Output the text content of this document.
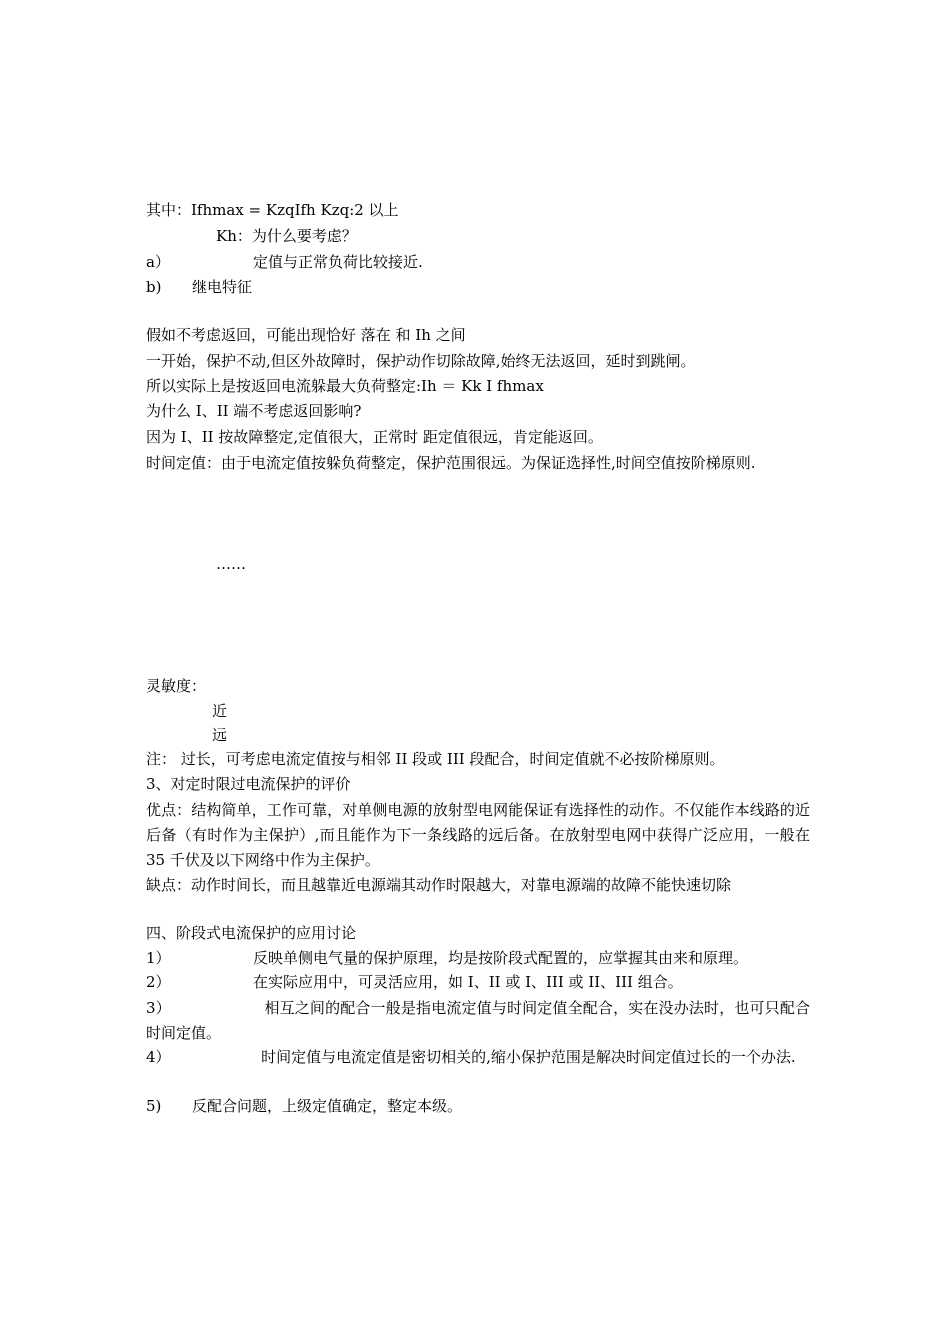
其中：Ifhmax = KzqIfh Kzq:2 以上
Kh：为什么要考虑？
a）	定值与正常负荷比较接近.
b) 继电特征
假如不考虑返回，可能出现恰好 落在 和 Ih 之间
一开始，保护不动,但区外故障时，保护动作切除故障,始终无法返回，延时到跳闸。
所以实际上是按返回电流躲最大负荷整定:Ih ＝ Kk I fhmax
为什么 I、II 端不考虑返回影响?
因为 I、II 按故障整定,定值很大，正常时 距定值很远，肯定能返回。
时间定值：由于电流定值按躲负荷整定，保护范围很远。为保证选择性,时间空值按阶梯原则.
……
灵敏度：
近
远
注： 过长，可考虑电流定值按与相邻 II 段或 III 段配合，时间定值就不必按阶梯原则。
3、对定时限过电流保护的评价
优点：结构简单，工作可靠，对单侧电源的放射型电网能保证有选择性的动作。不仅能作本线路的近后备（有时作为主保护）,而且能作为下一条线路的远后备。在放射型电网中获得广泛应用，一般在 35 千伏及以下网络中作为主保护。
缺点：动作时间长，而且越靠近电源端其动作时限越大，对靠电源端的故障不能快速切除
四、阶段式电流保护的应用讨论
1）	反映单侧电气量的保护原理，均是按阶段式配置的，应掌握其由来和原理。
2）	在实际应用中，可灵活应用，如 I、II 或 I、III 或 II、III 组合。
3）                   相互之间的配合一般是指电流定值与时间定值全配合，实在没办法时，也可只配合时间定值。
4）                   时间定值与电流定值是密切相关的,缩小保护范围是解决时间定值过长的一个办法.
5) 反配合问题，上级定值确定，整定本级。
